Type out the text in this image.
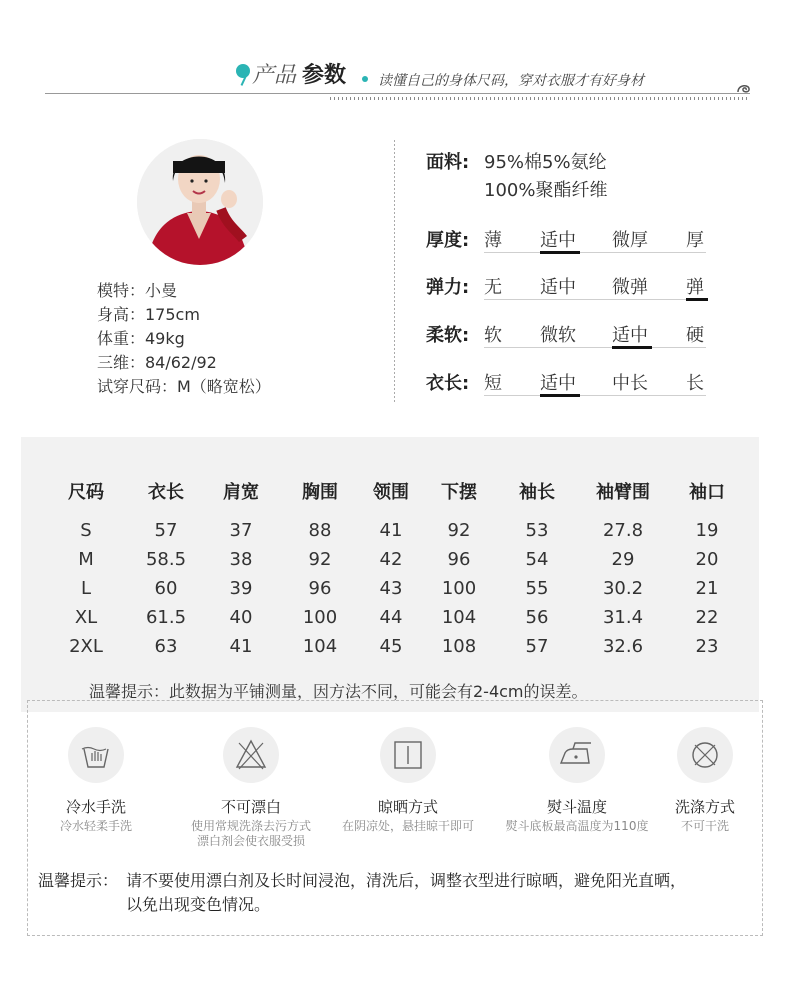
产品 参数 读懂自己的身体尺码，穿对衣服才有好身材
模特：小曼
身高：175cm
体重：49kg
三维：84/62/92
试穿尺码：M（略宽松）
面料: 95%棉5%氨纶
100%聚酯纤维
厚度: 薄 适中 微厚 厚
弹力: 无 适中 微弹 弹
柔软: 软 微软 适中 硬
衣长: 短 适中 中长 长
尺码	衣长	肩宽	胸围	领围	下摆	袖长	袖臂围	袖口
S	57	37	88	41	92	53	27.8	19
M	58.5	38	92	42	96	54	29	20
L	60	39	96	43	100	55	30.2	21
XL	61.5	40	100	44	104	56	31.4	22
2XL	63	41	104	45	108	57	32.6	23
温馨提示：此数据为平铺测量，因方法不同，可能会有2-4cm的误差。
冷水手洗
冷水轻柔手洗
不可漂白
使用常规洗涤去污方式
漂白剂会使衣服受损
晾晒方式
在阴凉处，悬挂晾干即可
熨斗温度
熨斗底板最高温度为110度
洗涤方式
不可干洗
温馨提示： 请不要使用漂白剂及长时间浸泡，清洗后，调整衣型进行晾晒，避免阳光直晒，
以免出现变色情况。
